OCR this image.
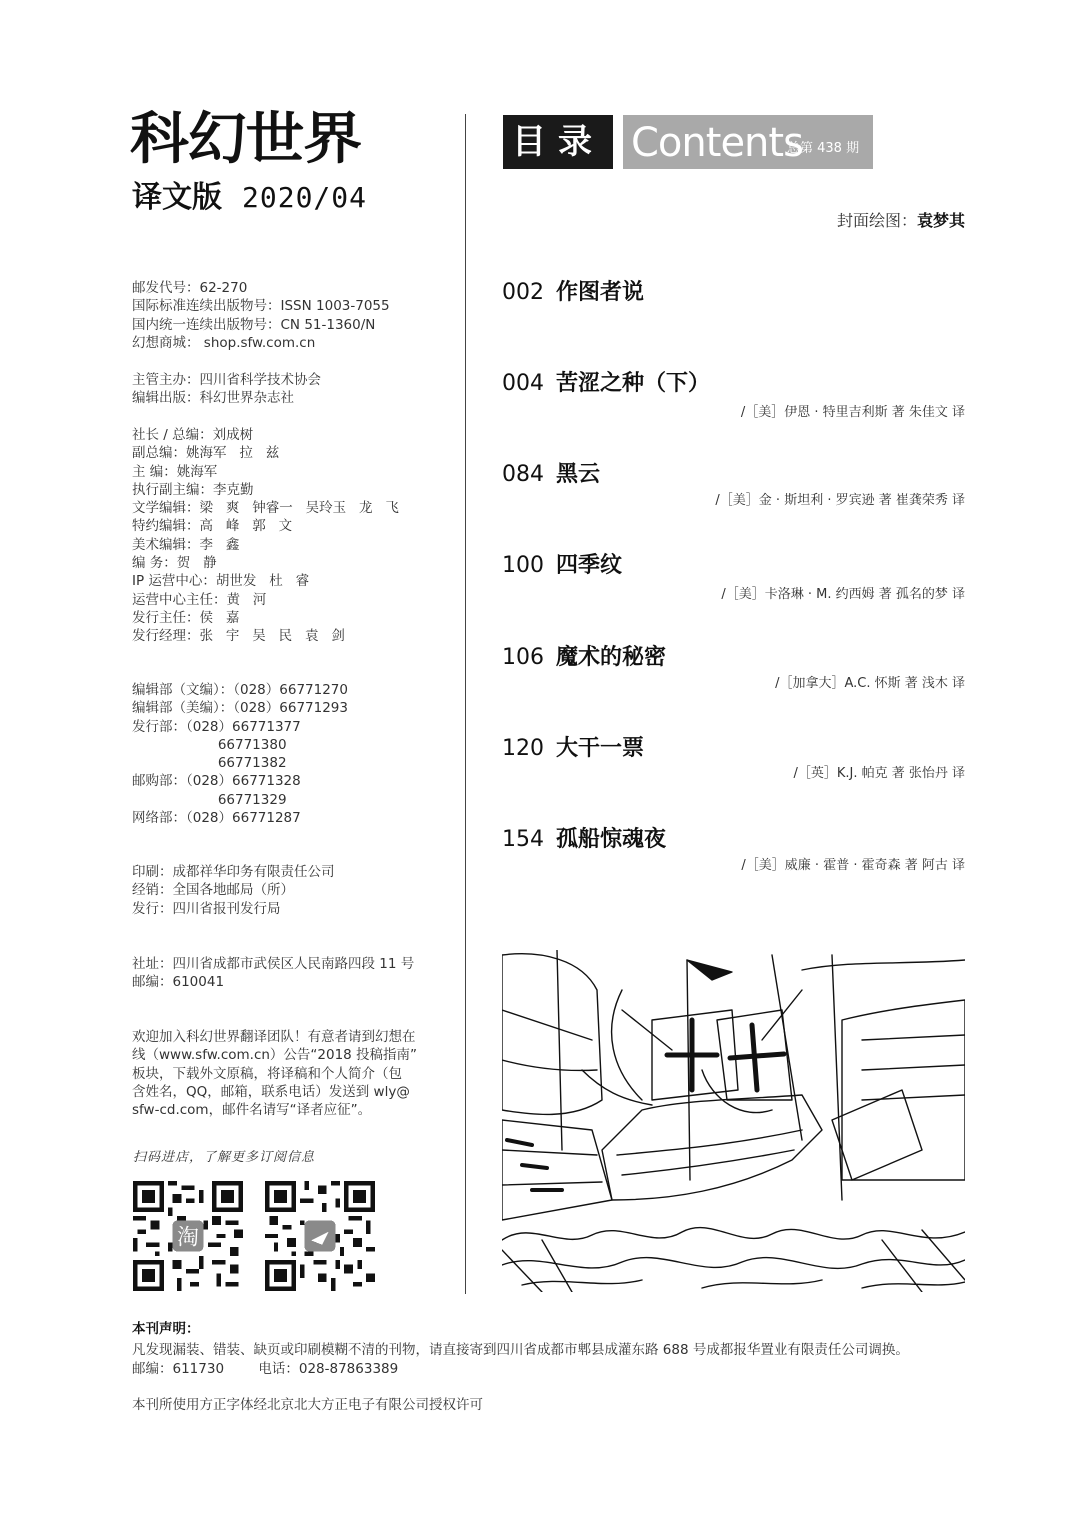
科幻世界
译文版 2020/04
邮发代号：62-270
国际标准连续出版物号：ISSN 1003-7055
国内统一连续出版物号：CN 51-1360/N
幻想商城： shop.sfw.com.cn
主管主办：四川省科学技术协会
编辑出版：科幻世界杂志社
社长 / 总编：刘成树
副总编：姚海军   拉   兹
主 编：姚海军
执行副主编：李克勤
文学编辑：梁   爽   钟睿一   吴玲玉   龙   飞
特约编辑：高   峰   郭   文
美术编辑：李   鑫
编 务：贺   静
IP 运营中心：胡世发   杜   睿
运营中心主任：黄   河
发行主任：侯   嘉
发行经理：张   宇   吴   民   袁   剑
编辑部（文编）：（028）66771270
编辑部（美编）：（028）66771293
发行部：（028）66771377
66771380
66771382
邮购部：（028）66771328
66771329
网络部：（028）66771287
印刷：成都祥华印务有限责任公司
经销：全国各地邮局（所）
发行：四川省报刊发行局
社址：四川省成都市武侯区人民南路四段 11 号
邮编：610041
欢迎加入科幻世界翻译团队！有意者请到幻想在
线（www.sfw.com.cn）公告“2018 投稿指南”
板块，下载外文原稿，将译稿和个人简介（包
含姓名，QQ，邮箱，联系电话）发送到 wly@
sfw-cd.com，邮件名请写“译者应征”。
扫码进店，了解更多订阅信息
淘
目录 Contents
总第 438 期
封面绘图：袁梦其
002 作图者说
004 苦涩之种（下）
/［美］伊恩 · 特里吉利斯 著 朱佳文 译
084 黑云
/［美］金 · 斯坦利 · 罗宾逊 著 崔龚荣秀 译
100 四季纹
/［美］卡洛琳 · M. 约西姆 著 孤名的梦 译
106 魔术的秘密
/［加拿大］A.C. 怀斯 著 浅木 译
120 大干一票
/［英］K.J. 帕克 著 张怡丹 译
154 孤船惊魂夜
/［美］威廉 · 霍普 · 霍奇森 著 阿古 译
本刊声明：
凡发现漏装、错装、缺页或印刷模糊不清的刊物，请直接寄到四川省成都市郫县成灌东路 688 号成都报华置业有限责任公司调换。
邮编：611730        电话：028-87863389
本刊所使用方正字体经北京北大方正电子有限公司授权许可
